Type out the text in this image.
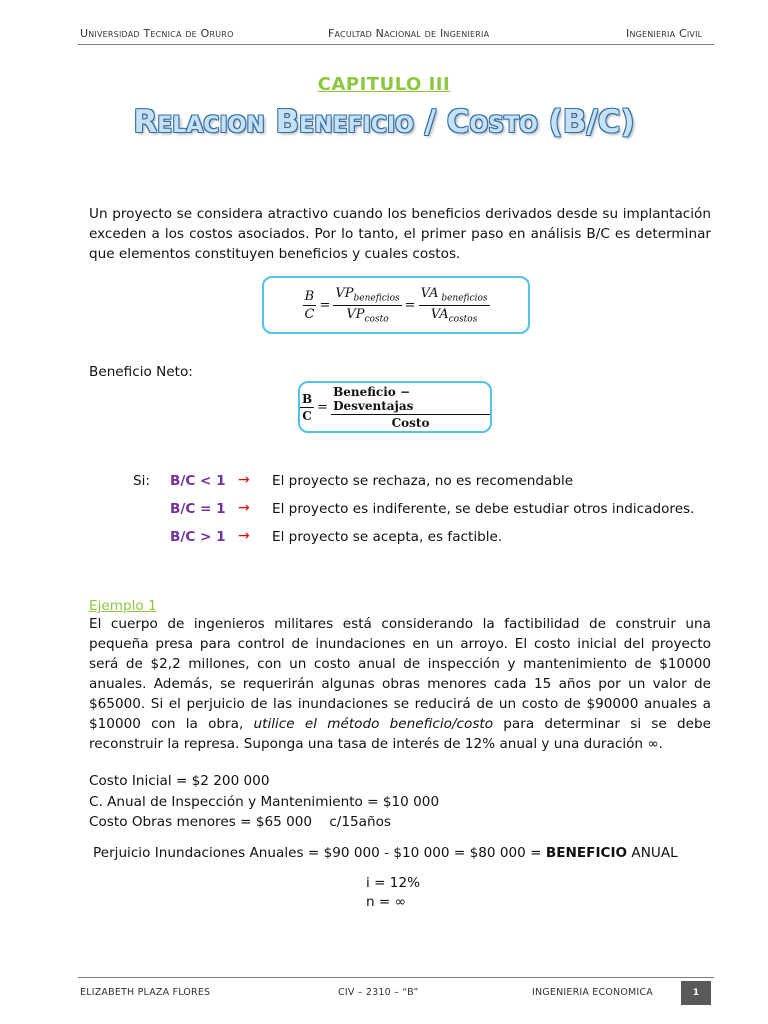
Universidad Tecnica de Oruro	Facultad Nacional de Ingenieria	Ingenieria Civil
CAPITULO III
Relacion Beneficio / Costo (B/C)
Un proyecto se considera atractivo cuando los beneficios derivados desde su implantación exceden a los costos asociados. Por lo tanto, el primer paso en análisis B/C es determinar que elementos constituyen beneficios y cuales costos.
$\frac{B}{C} = \frac{VP_{beneficios}}{VP_{costo}} = \frac{VA _{beneficios}}{VA_{costos}}$
Beneficio Neto:
$\frac{B}{C} = \frac{\text{Beneficio − Desventajas}}{\text{Costo}}$
Si: B/C < 1 → El proyecto se rechaza, no es recomendable
B/C = 1 → El proyecto es indiferente, se debe estudiar otros indicadores.
B/C > 1 → El proyecto se acepta, es factible.
Ejemplo 1
El cuerpo de ingenieros militares está considerando la factibilidad de construir una pequeña presa para control de inundaciones en un arroyo. El costo inicial del proyecto será de $2,2 millones, con un costo anual de inspección y mantenimiento de $10000 anuales. Además, se requerirán algunas obras menores cada 15 años por un valor de $65000. Si el perjuicio de las inundaciones se reducirá de un costo de $90000 anuales a $10000 con la obra, utilice el método beneficio/costo para determinar si se debe reconstruir la represa. Suponga una tasa de interés de 12% anual y una duración ∞.
Costo Inicial = $2 200 000
C. Anual de Inspección y Mantenimiento = $10 000
Costo Obras menores = $65 000    c/15años
Perjuicio Inundaciones Anuales = $90 000 - $10 000 = $80 000 = BENEFICIO ANUAL
i = 12%
n = ∞
ELIZABETH PLAZA FLORES	CIV – 2310 – “B”	INGENIERIA ECONOMICA	1
